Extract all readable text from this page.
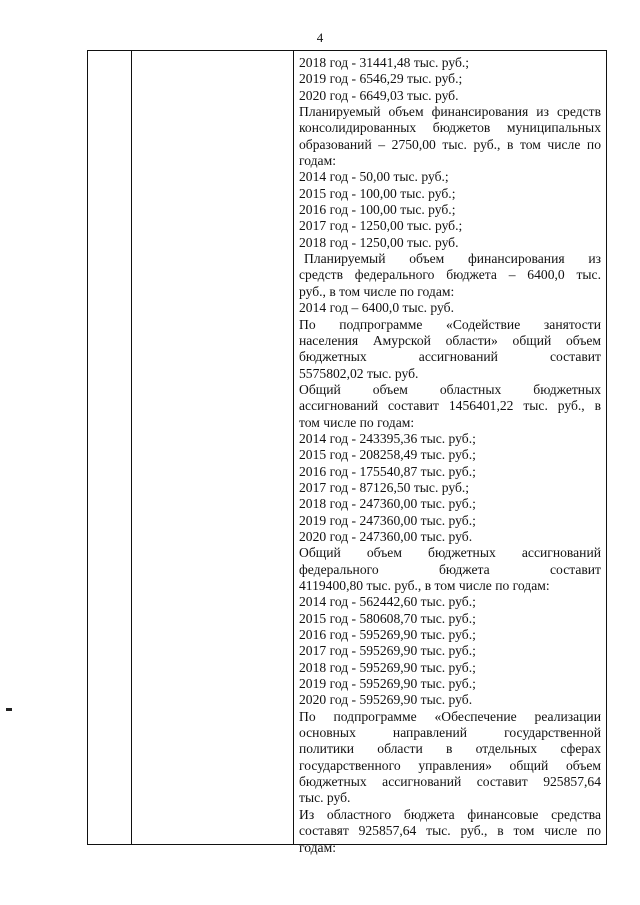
4
2018 год - 31441,48 тыс. руб.;
2019 год - 6546,29 тыс. руб.;
2020 год - 6649,03 тыс. руб.
Планируемый объем финансирования из средств
консолидированных бюджетов муниципальных
образований – 2750,00 тыс. руб., в том числе по
годам:
2014 год - 50,00 тыс. руб.;
2015 год - 100,00 тыс. руб.;
2016 год - 100,00 тыс. руб.;
2017 год - 1250,00 тыс. руб.;
2018 год - 1250,00 тыс. руб.
Планируемый объем финансирования из
средств федерального бюджета – 6400,0 тыс.
руб., в том числе по годам:
2014 год – 6400,0 тыс. руб.
По подпрограмме «Содействие занятости
населения Амурской области» общий объем
бюджетных ассигнований составит
5575802,02 тыс. руб.
Общий объем областных бюджетных
ассигнований составит 1456401,22 тыс. руб., в
том числе по годам:
2014 год - 243395,36 тыс. руб.;
2015 год - 208258,49 тыс. руб.;
2016 год - 175540,87 тыс. руб.;
2017 год - 87126,50 тыс. руб.;
2018 год - 247360,00 тыс. руб.;
2019 год - 247360,00 тыс. руб.;
2020 год - 247360,00 тыс. руб.
Общий объем бюджетных ассигнований
федерального бюджета составит
4119400,80 тыс. руб., в том числе по годам:
2014 год - 562442,60 тыс. руб.;
2015 год - 580608,70 тыс. руб.;
2016 год - 595269,90 тыс. руб.;
2017 год - 595269,90 тыс. руб.;
2018 год - 595269,90 тыс. руб.;
2019 год - 595269,90 тыс. руб.;
2020 год - 595269,90 тыс. руб.
По подпрограмме «Обеспечение реализации
основных направлений государственной
политики области в отдельных сферах
государственного управления» общий объем
бюджетных ассигнований составит 925857,64
тыс. руб.
Из областного бюджета финансовые средства
составят 925857,64 тыс. руб., в том числе по
годам:
